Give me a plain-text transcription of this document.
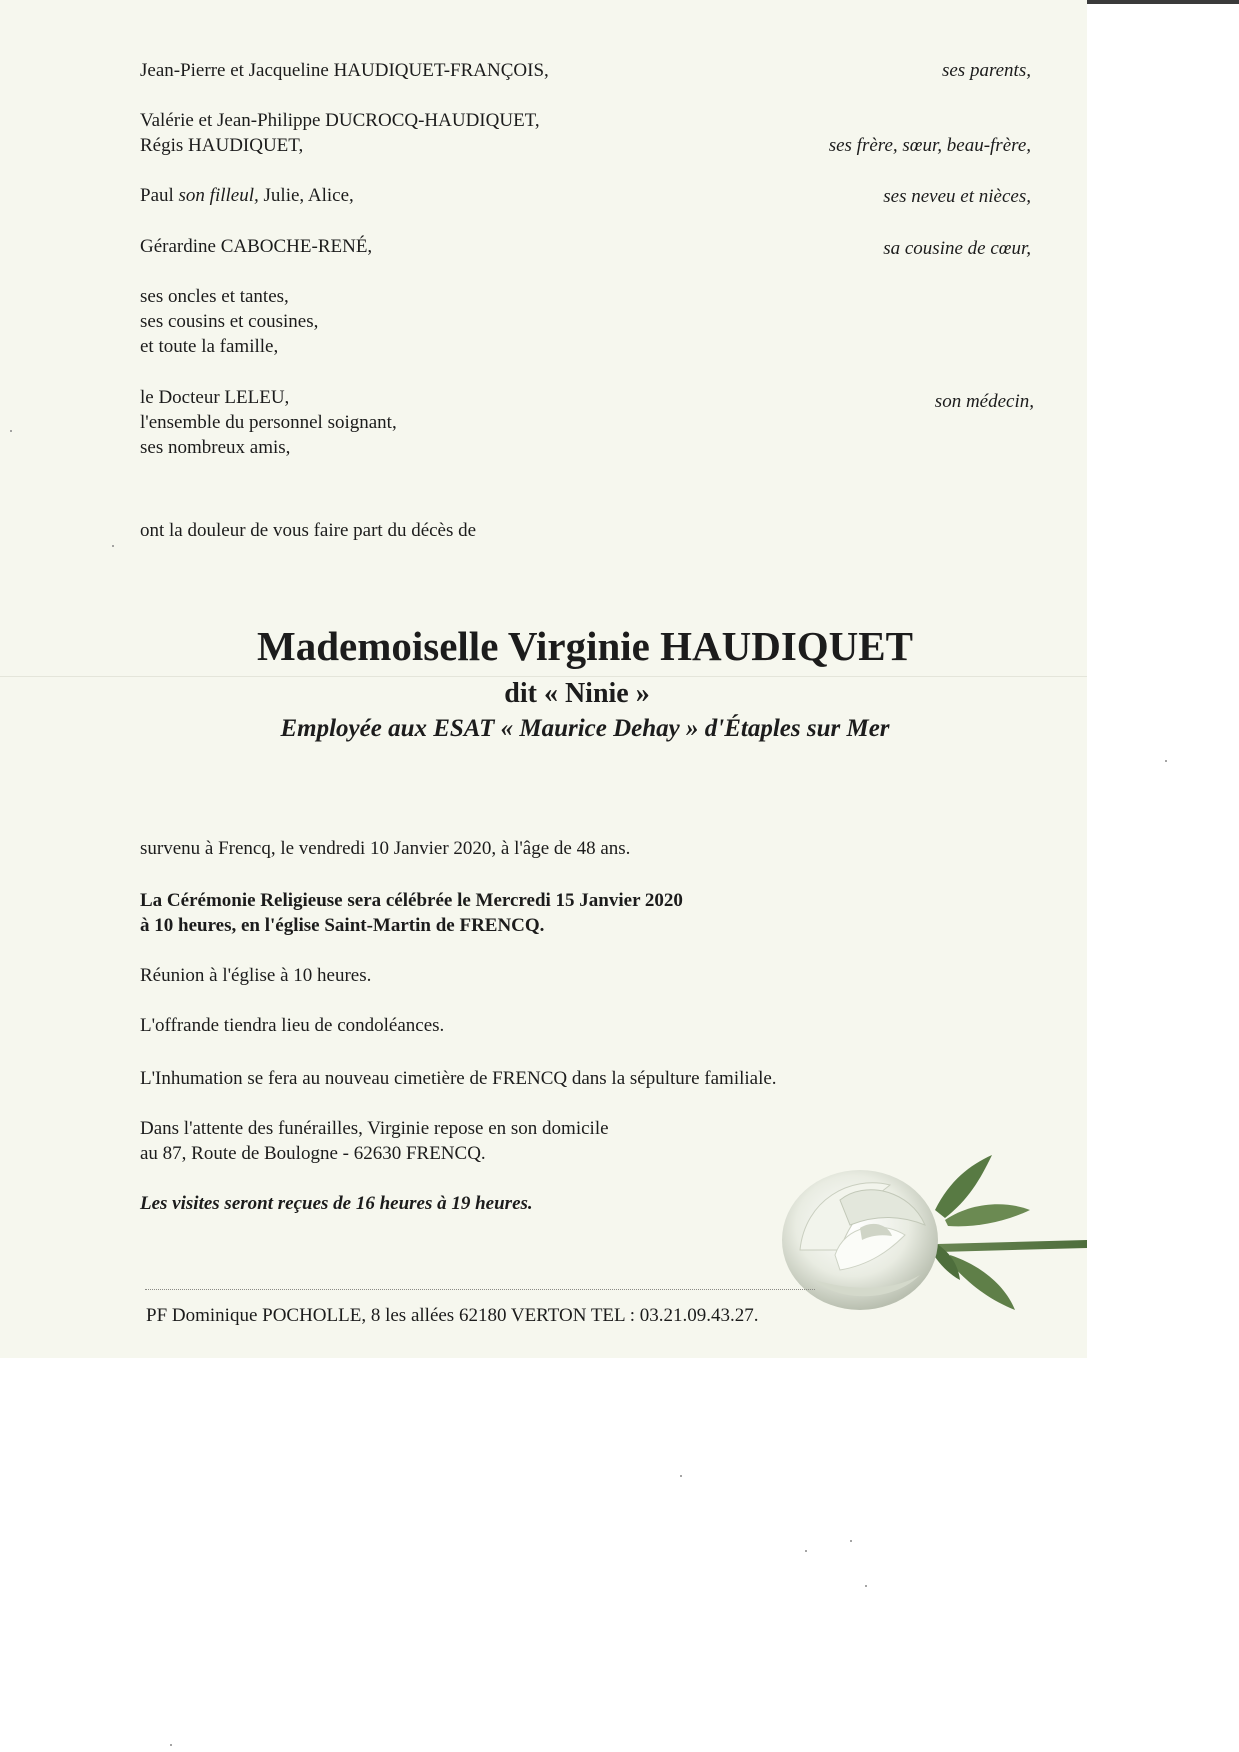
Jean-Pierre et Jacqueline HAUDIQUET-FRANÇOIS,	ses parents,
Valérie et Jean-Philippe DUCROCQ-HAUDIQUET,
Régis HAUDIQUET,	ses frère, sœur, beau-frère,
Paul son filleul, Julie, Alice,	ses neveu et nièces,
Gérardine CABOCHE-RENÉ,	sa cousine de cœur,
ses oncles et tantes,
ses cousins et cousines,
et toute la famille,
le Docteur LELEU,	son médecin,
l'ensemble du personnel soignant,
ses nombreux amis,
ont la douleur de vous faire part du décès de
Mademoiselle Virginie HAUDIQUET
dit « Ninie »
Employée aux ESAT « Maurice Dehay » d'Étaples sur Mer
survenu à Frencq, le vendredi 10 Janvier 2020, à l'âge de 48 ans.
La Cérémonie Religieuse sera célébrée le Mercredi 15 Janvier 2020
à 10 heures, en l'église Saint-Martin de FRENCQ.
Réunion à l'église à 10 heures.
L'offrande tiendra lieu de condoléances.
L'Inhumation se fera au nouveau cimetière de FRENCQ dans la sépulture familiale.
Dans l'attente des funérailles, Virginie repose en son domicile
au 87, Route de Boulogne - 62630 FRENCQ.
Les visites seront reçues de 16 heures à 19 heures.
PF Dominique POCHOLLE, 8 les allées 62180 VERTON TEL : 03.21.09.43.27.
